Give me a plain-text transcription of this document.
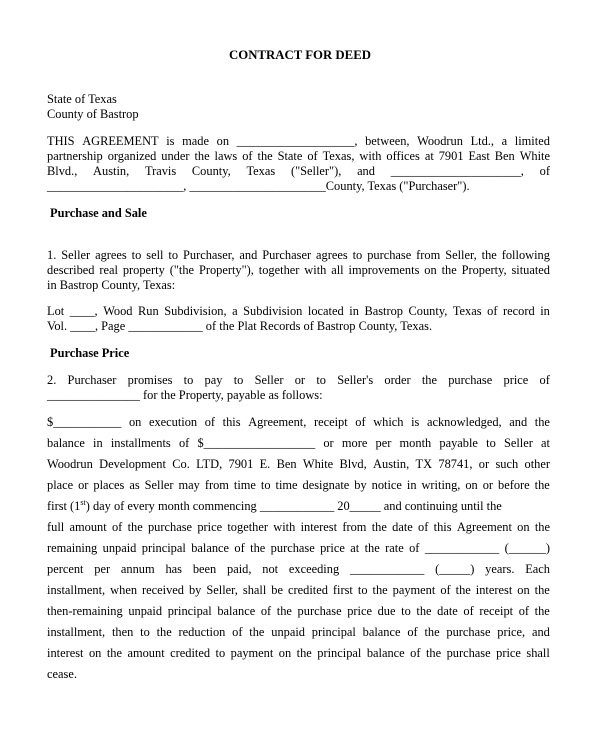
CONTRACT FOR DEED
State of Texas
County of Bastrop
THIS AGREEMENT is made on ___________________, between, Woodrun Ltd., a limited
partnership organized under the laws of the State of Texas, with offices at 7901 East Ben White
Blvd., Austin, Travis County, Texas ("Seller"), and _____________________, of
______________________, ______________________County, Texas ("Purchaser").
Purchase and Sale
1. Seller agrees to sell to Purchaser, and Purchaser agrees to purchase from Seller, the following
described real property ("the Property"), together with all improvements on the Property, situated
in Bastrop County, Texas:
Lot ____, Wood Run Subdivision, a Subdivision located in Bastrop County, Texas of record in
Vol. ____, Page ____________ of the Plat Records of Bastrop County, Texas.
Purchase Price
2. Purchaser promises to pay to Seller or to Seller's order the purchase price of
_______________ for the Property, payable as follows:
$___________ on execution of this Agreement, receipt of which is acknowledged, and the
balance in installments of $__________________ or more per month payable to Seller at
Woodrun Development Co. LTD, 7901 E. Ben White Blvd, Austin, TX 78741, or such other
place or places as Seller may from time to time designate by notice in writing, on or before the
first (1st) day of every month commencing ____________ 20_____ and continuing until the
full amount of the purchase price together with interest from the date of this Agreement on the
remaining unpaid principal balance of the purchase price at the rate of ____________ (______)
percent per annum has been paid, not exceeding ____________ (_____) years. Each
installment, when received by Seller, shall be credited first to the payment of the interest on the
then-remaining unpaid principal balance of the purchase price due to the date of receipt of the
installment, then to the reduction of the unpaid principal balance of the purchase price, and
interest on the amount credited to payment on the principal balance of the purchase price shall
cease.
